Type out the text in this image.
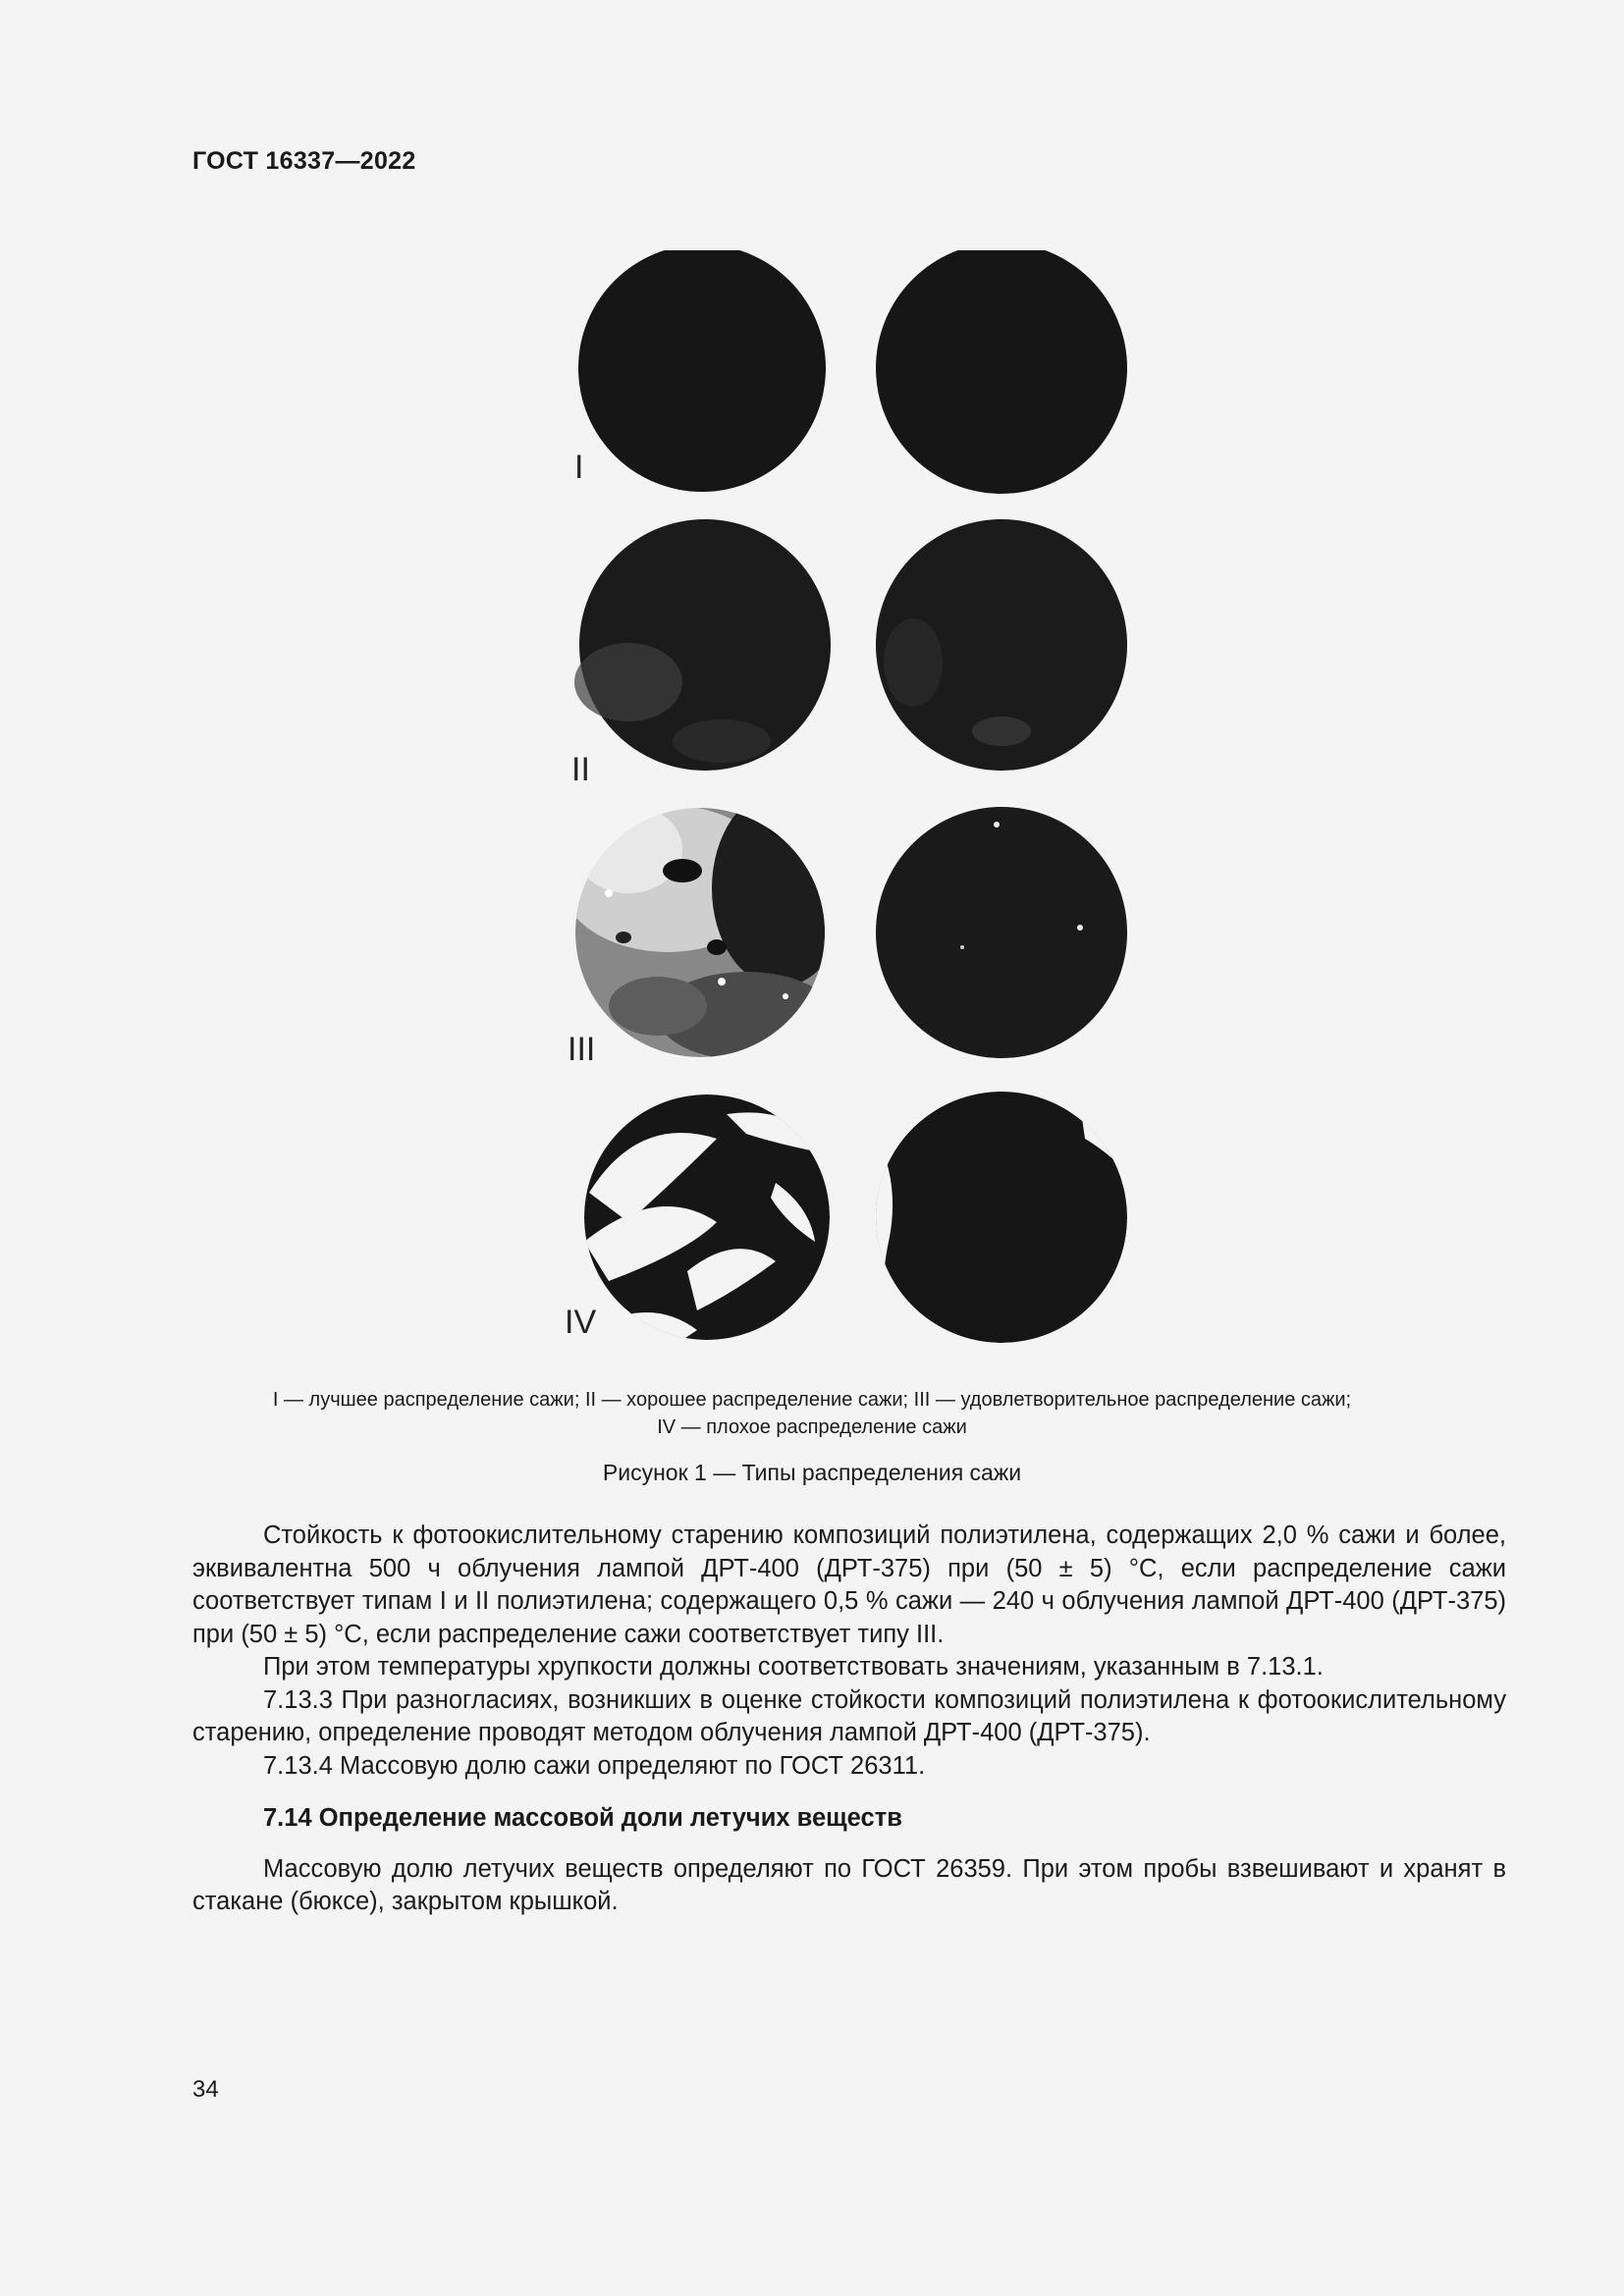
ГОСТ 16337—2022
I
II
III
IV
I — лучшее распределение сажи; II — хорошее распределение сажи; III — удовлетворительное распределение сажи;
IV — плохое распределение сажи
Рисунок 1 — Типы распределения сажи

Стойкость к фотоокислительному старению композиций полиэтилена, содержащих 2,0 % сажи и более, эквивалентна 500 ч облучения лампой ДРТ-400 (ДРТ-375) при (50 ± 5) °С, если распределение сажи соответствует типам I и II полиэтилена; содержащего 0,5 % сажи — 240 ч облучения лампой ДРТ-400 (ДРТ-375) при (50 ± 5) °С, если распределение сажи соответствует типу III.

При этом температуры хрупкости должны соответствовать значениям, указанным в 7.13.1.

7.13.3 При разногласиях, возникших в оценке стойкости композиций полиэтилена к фотоокислительному старению, определение проводят методом облучения лампой ДРТ-400 (ДРТ-375).

7.13.4 Массовую долю сажи определяют по ГОСТ 26311.

7.14 Определение массовой доли летучих веществ

Массовую долю летучих веществ определяют по ГОСТ 26359. При этом пробы взвешивают и хранят в стакане (бюксе), закрытом крышкой.

34
